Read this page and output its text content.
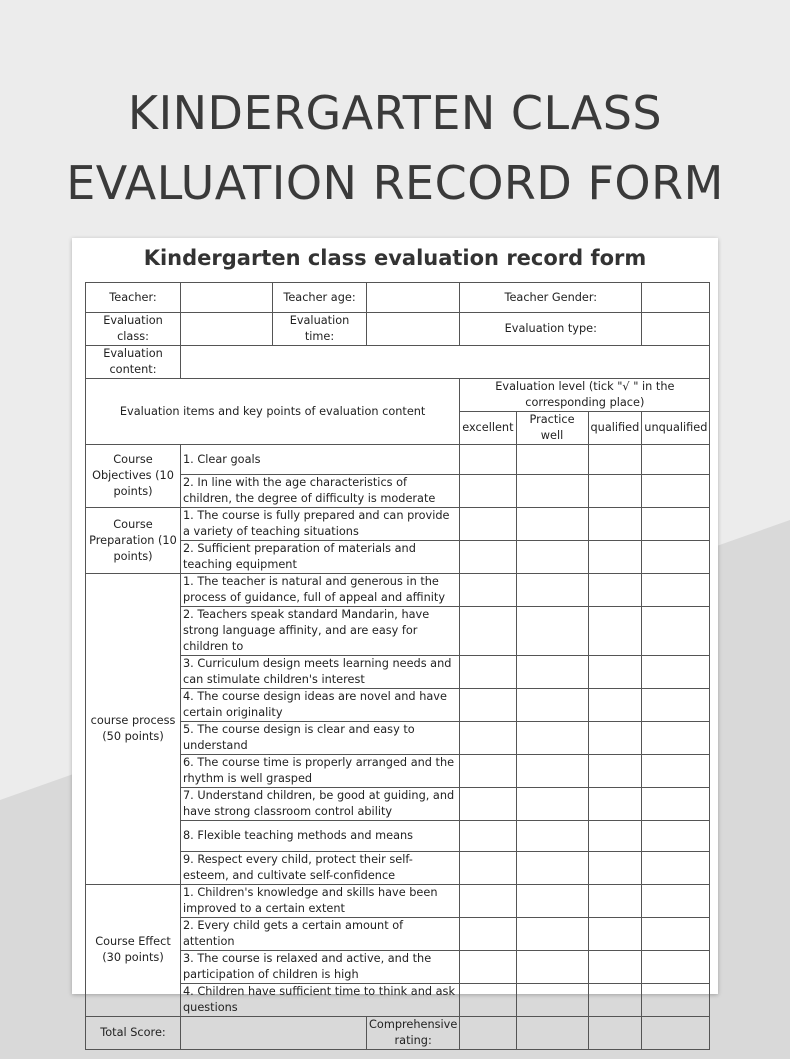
KINDERGARTEN CLASS
EVALUATION RECORD FORM
Kindergarten class evaluation record form
Teacher:		Teacher age:		Teacher Gender:			
Evaluation class:		Evaluation time:		Evaluation type:			
Evaluation content:							
Evaluation items and key points of evaluation content				Evaluation level (tick "√ " in the corresponding place)			
				excellent	Practice well	qualified	unqualified
Course Objectives (10 points)	1. Clear goals						
	2. In line with the age characteristics of children, the degree of difficulty is moderate						
Course Preparation (10 points)	1. The course is fully prepared and can provide a variety of teaching situations						
	2. Sufficient preparation of materials and teaching equipment						
course process (50 points)	1. The teacher is natural and generous in the process of guidance, full of appeal and affinity						
	2. Teachers speak standard Mandarin, have strong language affinity, and are easy for children to						
	3. Curriculum design meets learning needs and can stimulate children's interest						
	4. The course design ideas are novel and have certain originality						
	5. The course design is clear and easy to understand						
	6. The course time is properly arranged and the rhythm is well grasped						
	7. Understand children, be good at guiding, and have strong classroom control ability						
	8. Flexible teaching methods and means						
	9. Respect every child, protect their self-esteem, and cultivate self-confidence						
Course Effect (30 points)	1. Children's knowledge and skills have been improved to a certain extent						
	2. Every child gets a certain amount of attention						
	3. The course is relaxed and active, and the participation of children is high						
	4. Children have sufficient time to think and ask questions						
Total Score:			Comprehensive rating:				
